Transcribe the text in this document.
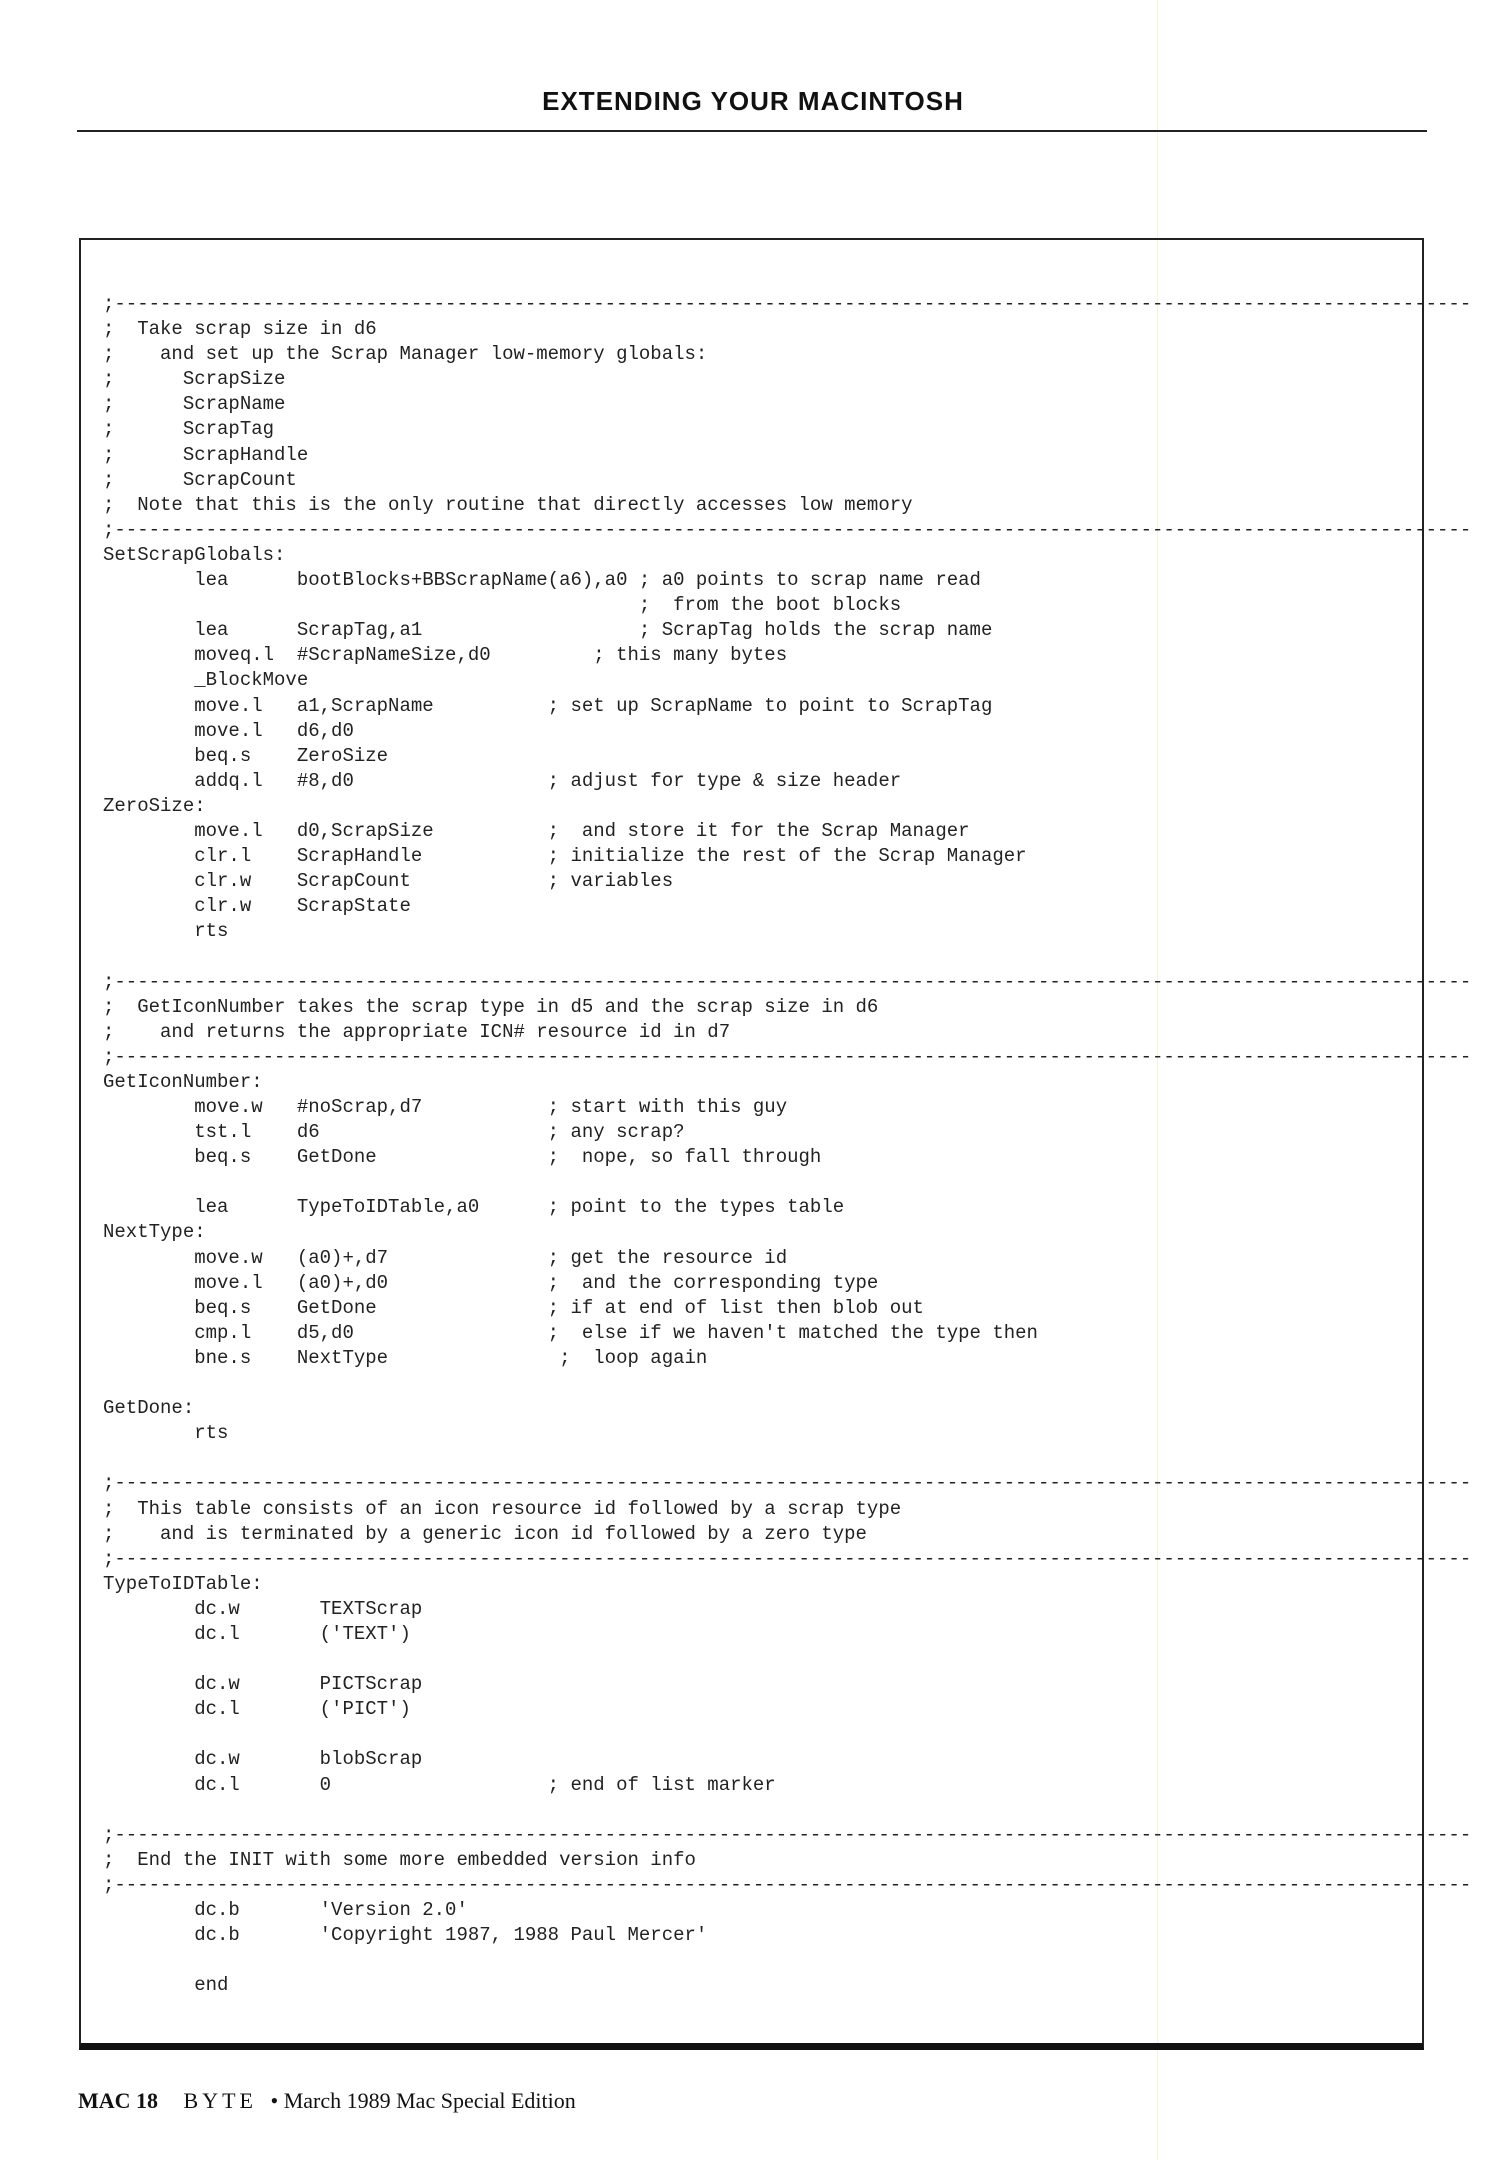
EXTENDING YOUR MACINTOSH
;-----------------------------------------------------------------------------------------------------------------------
;  Take scrap size in d6
;    and set up the Scrap Manager low-memory globals:
;      ScrapSize
;      ScrapName
;      ScrapTag
;      ScrapHandle
;      ScrapCount
;  Note that this is the only routine that directly accesses low memory
;-----------------------------------------------------------------------------------------------------------------------
SetScrapGlobals:
lea      bootBlocks+BBScrapName(a6),a0 ; a0 points to scrap name read
;  from the boot blocks
lea      ScrapTag,a1                   ; ScrapTag holds the scrap name
moveq.l  #ScrapNameSize,d0         ; this many bytes
_BlockMove
move.l   a1,ScrapName          ; set up ScrapName to point to ScrapTag
move.l   d6,d0
beq.s    ZeroSize
addq.l   #8,d0                 ; adjust for type & size header
ZeroSize:
move.l   d0,ScrapSize          ;  and store it for the Scrap Manager
clr.l    ScrapHandle           ; initialize the rest of the Scrap Manager
clr.w    ScrapCount            ; variables
clr.w    ScrapState
rts
;-----------------------------------------------------------------------------------------------------------------------
;  GetIconNumber takes the scrap type in d5 and the scrap size in d6
;    and returns the appropriate ICN# resource id in d7
;-----------------------------------------------------------------------------------------------------------------------
GetIconNumber:
move.w   #noScrap,d7           ; start with this guy
tst.l    d6                    ; any scrap?
beq.s    GetDone               ;  nope, so fall through
lea      TypeToIDTable,a0      ; point to the types table
NextType:
move.w   (a0)+,d7              ; get the resource id
move.l   (a0)+,d0              ;  and the corresponding type
beq.s    GetDone               ; if at end of list then blob out
cmp.l    d5,d0                 ;  else if we haven't matched the type then
bne.s    NextType               ;  loop again
GetDone:
rts
;-----------------------------------------------------------------------------------------------------------------------
;  This table consists of an icon resource id followed by a scrap type
;    and is terminated by a generic icon id followed by a zero type
;-----------------------------------------------------------------------------------------------------------------------
TypeToIDTable:
dc.w       TEXTScrap
dc.l       ('TEXT')
dc.w       PICTScrap
dc.l       ('PICT')
dc.w       blobScrap
dc.l       0                   ; end of list marker
;-----------------------------------------------------------------------------------------------------------------------
;  End the INIT with some more embedded version info
;-----------------------------------------------------------------------------------------------------------------------
dc.b       'Version 2.0'
dc.b       'Copyright 1987, 1988 Paul Mercer'
end
MAC 18 BYTE • March 1989 Mac Special Edition
